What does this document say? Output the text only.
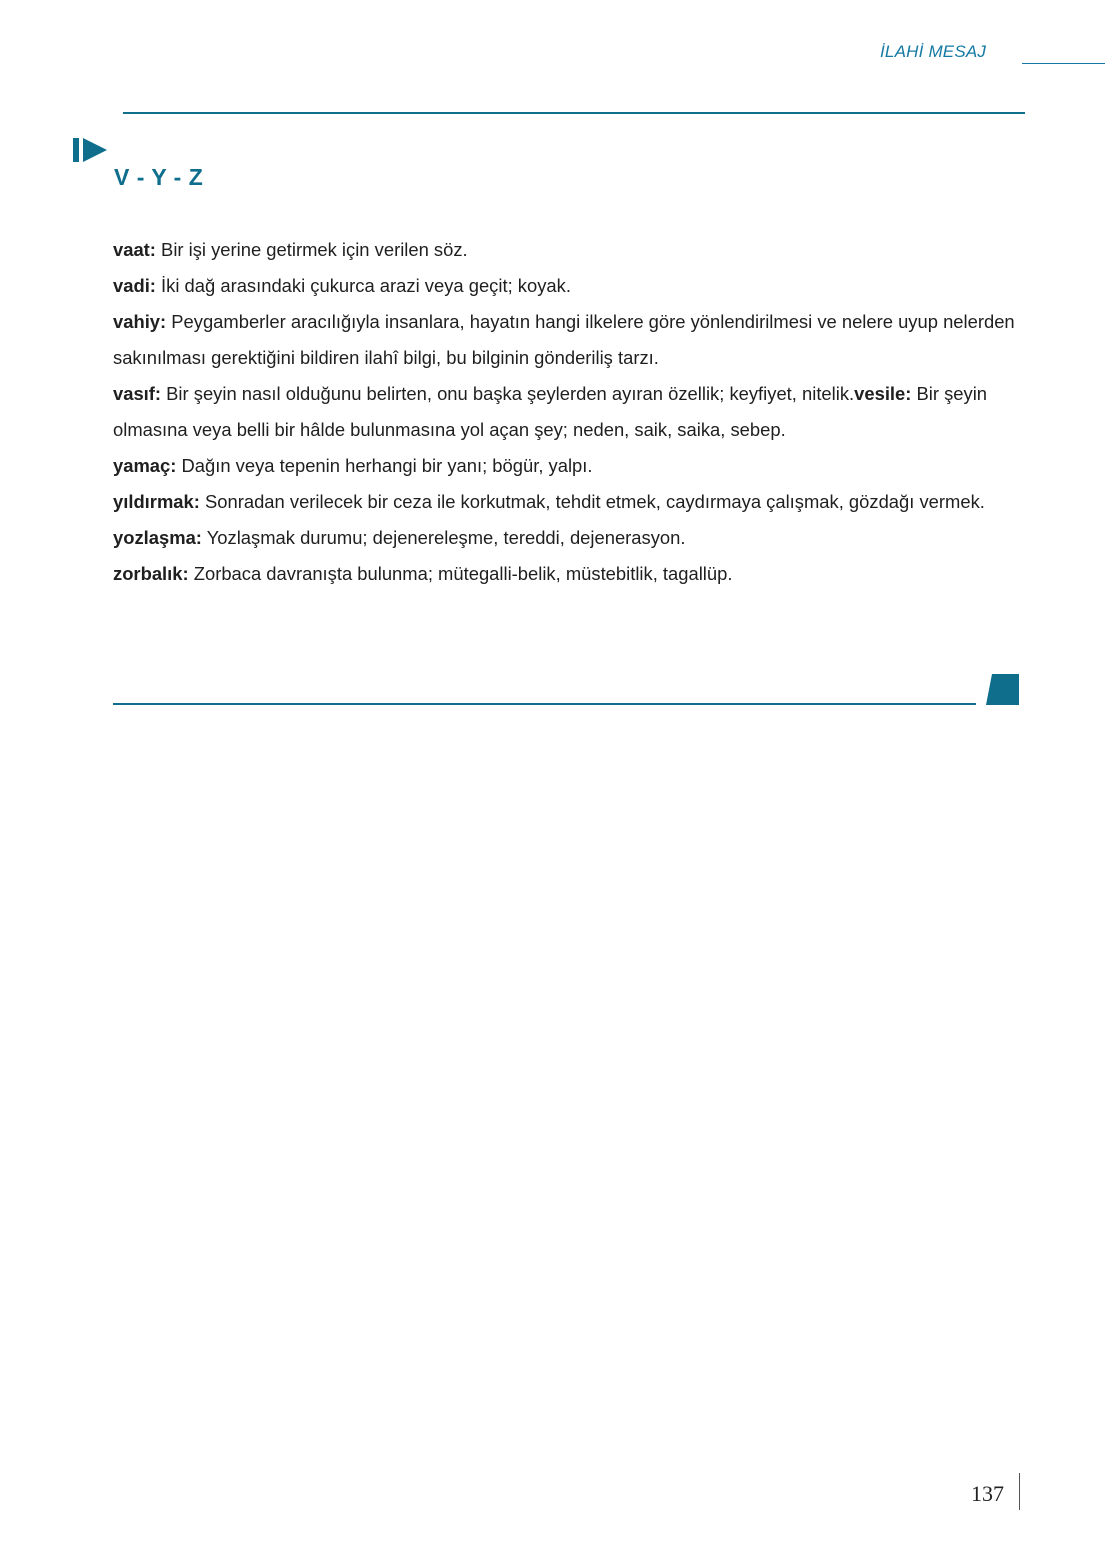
İLAHİ MESAJ
V - Y - Z

vaat: Bir işi yerine getirmek için verilen söz.

vadi: İki dağ arasındaki çukurca arazi veya geçit; koyak.

vahiy: Peygamberler aracılığıyla insanlara, hayatın hangi ilkelere göre yönlendirilmesi ve nelere uyup nelerden sakınılması gerektiğini bildiren ilahî bilgi, bu bilginin gönderiliş tarzı.

vasıf: Bir şeyin nasıl olduğunu belirten, onu başka şeylerden ayıran özellik; keyfiyet, nitelik.vesile: Bir şeyin olmasına veya belli bir hâlde bulunmasına yol açan şey; neden, saik, saika, sebep.

yamaç: Dağın veya tepenin herhangi bir yanı; bögür, yalpı.

yıldırmak: Sonradan verilecek bir ceza ile korkutmak, tehdit etmek, caydırmaya çalışmak, gözdağı vermek.

yozlaşma: Yozlaşmak durumu; dejenereleşme, tereddi, dejenerasyon.

zorbalık: Zorbaca davranışta bulunma; mütegalli-belik, müstebitlik, tagallüp.

137
